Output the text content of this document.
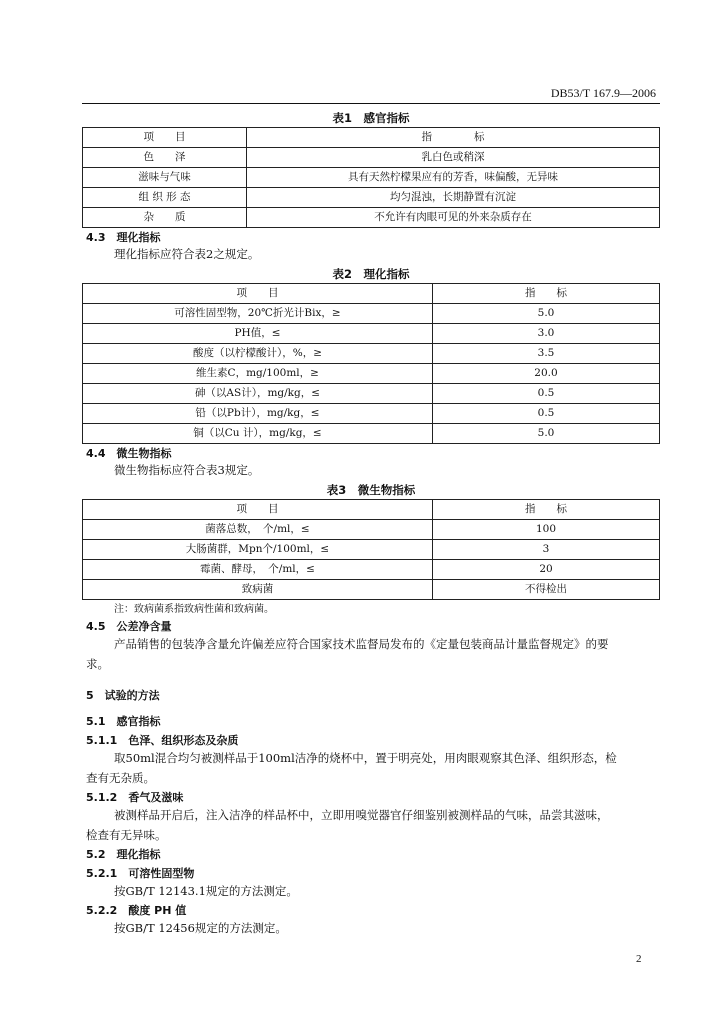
DB53/T 167.9—2006
表1　感官指标
项　　目	指　　　　标
色　　泽	乳白色或稍深
滋味与气味	具有天然柠檬果应有的芳香，味偏酸，无异味
组 织 形 态	均匀混浊，长期静置有沉淀
杂　　质	不允许有肉眼可见的外来杂质存在
4.3　理化指标
理化指标应符合表2之规定。
表2　理化指标
项　　目	指　　标
可溶性固型物，20℃折光计Bix，≥	5.0
PH值，≤	3.0
酸度（以柠檬酸计），%，≥	3.5
维生素C，mg/100ml，≥	20.0
砷（以AS计），mg/kg，≤	0.5
铅（以Pb计），mg/kg，≤	0.5
铜（以Cu 计），mg/kg，≤	5.0
4.4　微生物指标
微生物指标应符合表3规定。
表3　微生物指标
项　　目	指　　标
菌落总数，　个/ml，≤	100
大肠菌群，Mpn个/100ml，≤	3
霉菌、酵母，　个/ml，≤	20
致病菌	不得检出
注：致病菌系指致病性菌和致病菌。
4.5　公差净含量
产品销售的包装净含量允许偏差应符合国家技术监督局发布的《定量包装商品计量监督规定》的要
求。
5　试验的方法
5.1　感官指标
5.1.1　色泽、组织形态及杂质
取50ml混合均匀被测样品于100ml洁净的烧杯中，置于明亮处，用肉眼观察其色泽、组织形态，检
查有无杂质。
5.1.2　香气及滋味
被测样品开启后，注入洁净的样品杯中，立即用嗅觉器官仔细鉴别被测样品的气味，品尝其滋味，
检查有无异味。
5.2　理化指标
5.2.1　可溶性固型物
按GB/T 12143.1规定的方法测定。
5.2.2　酸度 PH 值
按GB/T 12456规定的方法测定。
2
